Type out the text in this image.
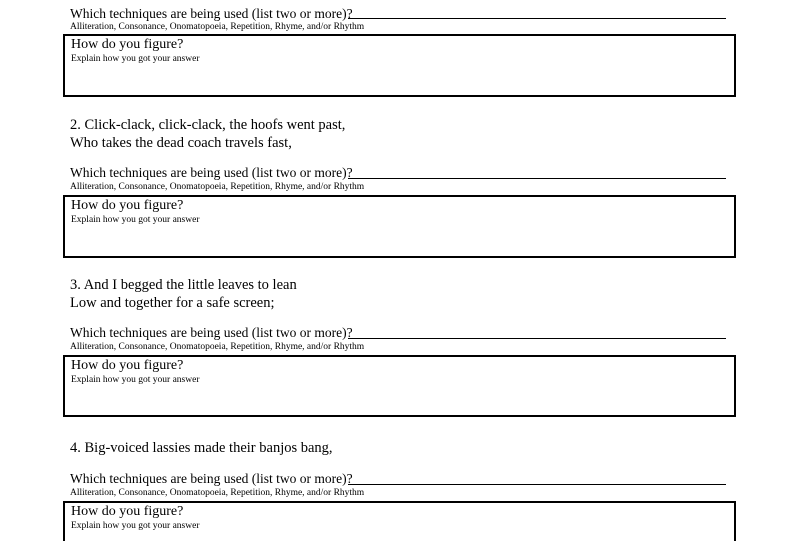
Which techniques are being used (list two or more)?
Alliteration, Consonance, Onomatopoeia, Repetition, Rhyme, and/or Rhythm
How do you figure?
Explain how you got your answer
2. Click-clack, click-clack, the hoofs went past,
Who takes the dead coach travels fast,
Which techniques are being used (list two or more)?
Alliteration, Consonance, Onomatopoeia, Repetition, Rhyme, and/or Rhythm
How do you figure?
Explain how you got your answer
3. And I begged the little leaves to lean
Low and together for a safe screen;
Which techniques are being used (list two or more)?
Alliteration, Consonance, Onomatopoeia, Repetition, Rhyme, and/or Rhythm
How do you figure?
Explain how you got your answer
4. Big-voiced lassies made their banjos bang,
Which techniques are being used (list two or more)?
Alliteration, Consonance, Onomatopoeia, Repetition, Rhyme, and/or Rhythm
How do you figure?
Explain how you got your answer
